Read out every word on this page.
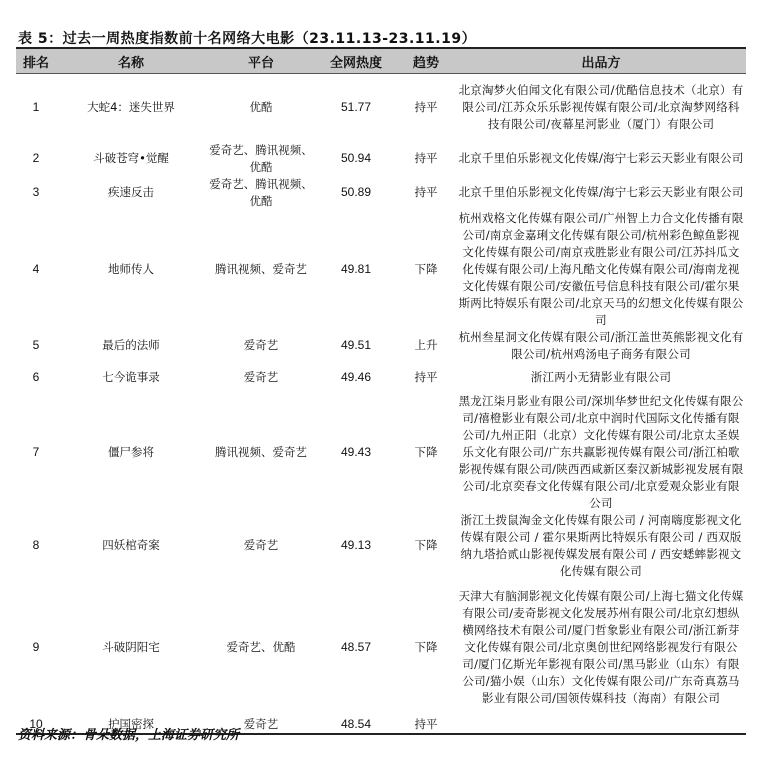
表 5：过去一周热度指数前十名网络大电影（23.11.13-23.11.19）
排名	名称	平台	全网热度	趋势	出品方
1	大蛇4：迷失世界	优酷	51.77	持平	北京淘梦火伯闻文化有限公司/优酷信息技术（北京）有限公司/江苏众乐乐影视传媒有限公司/北京淘梦网络科技有限公司/夜幕星河影业（厦门）有限公司
2	斗破苍穹•觉醒	爱奇艺、腾讯视频、优酷	50.94	持平	北京千里伯乐影视文化传媒/海宁七彩云天影业有限公司
3	疾速反击	爱奇艺、腾讯视频、优酷	50.89	持平	北京千里伯乐影视文化传媒/海宁七彩云天影业有限公司
4	地师传人	腾讯视频、爱奇艺	49.81	下降	杭州戏格文化传媒有限公司/广州智上力合文化传播有限公司/南京金嘉琍文化传媒有限公司/杭州彩色鲸鱼影视文化传媒有限公司/南京戎胜影业有限公司/江苏抖瓜文化传媒有限公司/上海凡酷文化传媒有限公司/海南龙视文化传媒有限公司/安徽伍号信息科技有限公司/霍尔果斯两比特娱乐有限公司/北京天马的幻想文化传媒有限公司
5	最后的法师	爱奇艺	49.51	上升	杭州叁星洞文化传媒有限公司/浙江盖世英熊影视文化有限公司/杭州鸡汤电子商务有限公司
6	七今诡事录	爱奇艺	49.46	持平	浙江两小无猜影业有限公司
7	僵尸参将	腾讯视频、爱奇艺	49.43	下降	黑龙江柒月影业有限公司/深圳华梦世纪文化传媒有限公司/禧橙影业有限公司/北京中润时代国际文化传播有限公司/九州正阳（北京）文化传媒有限公司/北京太圣娱乐文化有限公司/广东共赢影视传媒有限公司/浙江柏歌影视传媒有限公司/陕西西咸新区秦汉新城影视发展有限公司/北京奕春文化传媒有限公司/北京爱观众影业有限公司
8	四妖棺奇案	爱奇艺	49.13	下降	浙江土拨鼠淘金文化传媒有限公司 / 河南嗨度影视文化传媒有限公司 / 霍尔果斯两比特娱乐有限公司 / 西双版纳九塔拾贰山影视传媒发展有限公司 / 西安蟋蟀影视文化传媒有限公司
9	斗破阴阳宅	爱奇艺、优酷	48.57	下降	天津大有脑洞影视文化传媒有限公司/上海七猫文化传媒有限公司/麦奇影视文化发展苏州有限公司/北京幻想纵横网络技术有限公司/厦门哲象影业有限公司/浙江新芽文化传媒有限公司/北京奥创世纪网络影视发行有限公司/厦门亿斯光年影视有限公司/黑马影业（山东）有限公司/猫小娱（山东）文化传媒有限公司/广东奇真荔马影业有限公司/国领传媒科技（海南）有限公司
10	护国密探	爱奇艺	48.54	持平	
资料来源：骨朵数据，上海证券研究所
